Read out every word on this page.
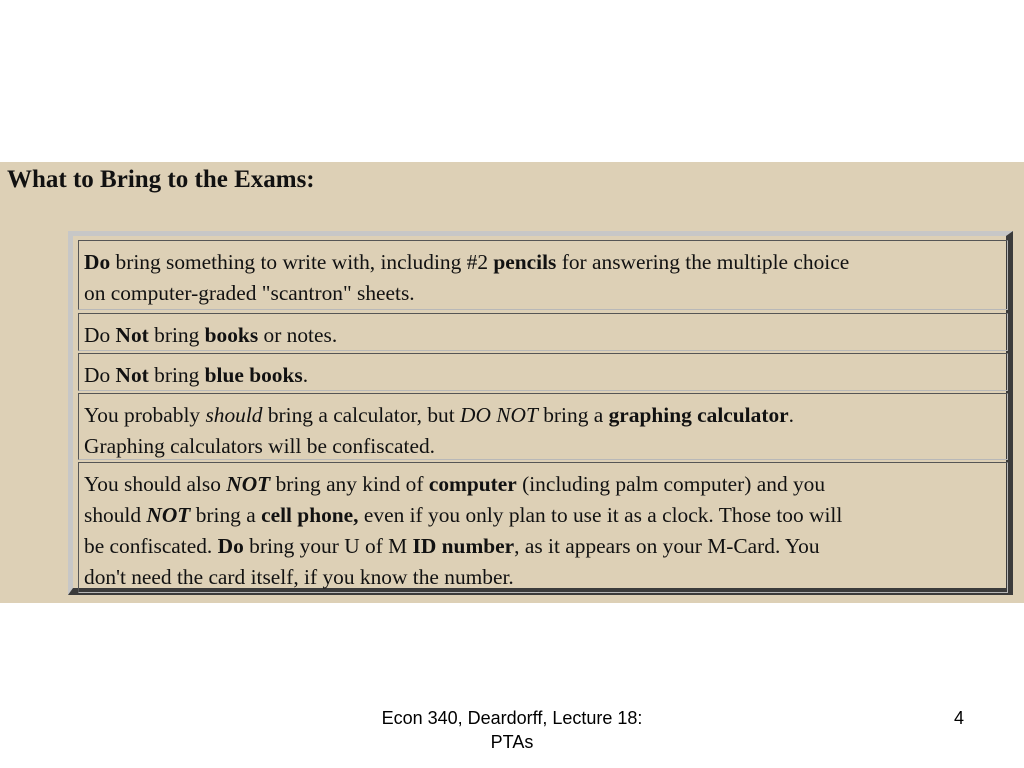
What to Bring to the Exams:
Do bring something to write with, including #2 pencils for answering the multiple choice
on computer-graded "scantron" sheets.
Do Not bring books or notes.
Do Not bring blue books.
You probably should bring a calculator, but DO NOT bring a graphing calculator.
Graphing calculators will be confiscated.
You should also NOT bring any kind of computer (including palm computer) and you
should NOT bring a cell phone, even if you only plan to use it as a clock. Those too will
be confiscated. Do bring your U of M ID number, as it appears on your M-Card. You
don't need the card itself, if you know the number.
Econ 340, Deardorff, Lecture 18:
PTAs
4
